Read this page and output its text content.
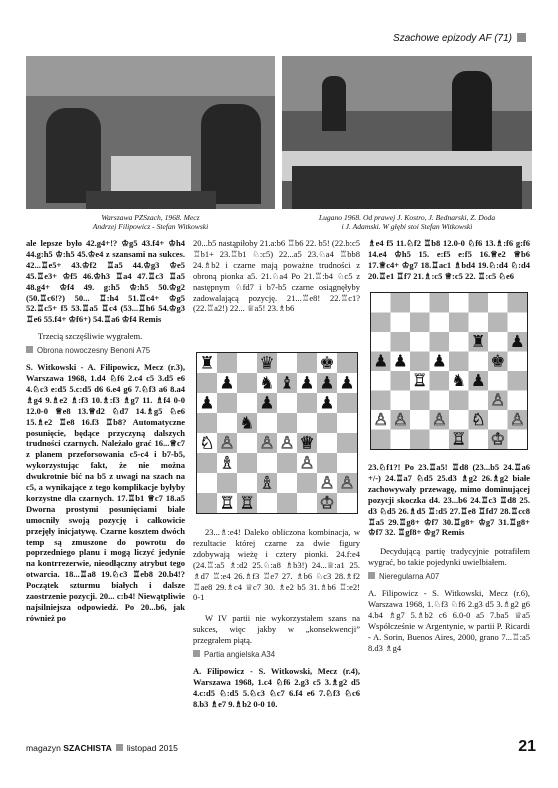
Szachowe epizody AF (71)
Warszawa PZSzach, 1968. Mecz
Andrzej Filipowicz - Stefan Witkowski
Lugano 1968. Od prawej J. Kostro, J. Bednarski, Z. Doda
i J. Adamski. W głębi stoi Stefan Witkowski

ale lepsze było 42.g4+!? ♔g5 43.f4+ ♔h4 44.g:h5 ♔:h5 45.♔e4 z szansami na sukces. 42...♖e5+ 43.♔f2 ♖a5 44.♔g3 ♔e5 45.♖e3+ ♔f5 46.♔h3 ♖a4 47.♖c3 ♖a5 48.g4+ ♔f4 49. g:h5 ♔:h5 50.♔g2 (50.♖c6!?) 50... ♖:h4 51.♖c4+ ♔g5 52.♖c5+ f5 53.♖a5 ♖c4 (53...♖h6 54.♔g3 ♖e6 55.f4+ ♔f6+) 54.♖a6 ♔f4 Remis

Trzecią szczęśliwie wygrałem.

Obrona nowoczesny Benoni A75

S. Witkowski - A. Filipowicz, Mecz (r.3), Warszawa 1968, 1.d4 ♘f6 2.c4 c5 3.d5 e6 4.♘c3 e:d5 5.c:d5 d6 6.e4 g6 7.♘f3 a6 8.a4 ♗g4 9.♗e2 ♗:f3 10.♗:f3 ♗g7 11. ♗f4 0-0 12.0-0 ♕e8 13.♕d2 ♘d7 14.♗g5 ♘e6 15.♗e2 ♖e8 16.f3 ♖b8? Automatyczne posunięcie, będące przyczyną dalszych trudności czarnych. Należało grać 16...♕c7 z planem przeforsowania c5-c4 i b7-b5, wykorzystując fakt, że nie można dwukrotnie bić na b5 z uwagi na szach na c5, a wynikające z tego komplikacje byłyby korzystne dla czarnych. 17.♖b1 ♕c7 18.a5 Dworna prostymi posunięciami białe umocniły swoją pozycję i całkowicie przejęły inicjatywę. Czarne kosztem dwóch temp są zmuszone do powrotu do poprzedniego planu i mogą liczyć jedynie na kontrrezerwie, nieodłączny atrybut tego otwarcia. 18...♖a8 19.♘c3 ♖eb8 20.b4!? Początek szturmu białych i dalsze zaostrzenie pozycji. 20... c:b4! Niewątpliwie najsilniejsza odpowiedź. Po 20...b6, jak również po

20...b5 nastąpiłoby 21.a:b6 ♖b6 22. b5! (22.b:c5 ♖b1+ 23.♖b1 ♘:c5) 22...a5 23.♘a4 ♖bb8 24.♗b2 i czarne mają poważne trudności z obroną pionka a5. 21.♘a4 Po 21.♖:b4 ♘c5 z następnym ♘fd7 i b7-b5 czarne osiągnęłyby zadowalającą pozycję. 21...♖e8! 22.♖c1? (22.♖a2!) 22... ♕a5! 23.♗b6

♜	♛	♚
♟ ♞ ♝ ♟ ♟ ♟
♟	♟	♟
♞
♘ ♙ ♙ ♙ ♕
♗	♙
♗	♙ ♙
♖ ♖	♔

23...♗:e4! Daleko obliczona kombinacja, w rezultacie której czarne za dwie figury zdobywają wieżę i cztery pionki. 24.f:e4 (24.♖:a5 ♗:d2 25.♘:a8 ♗b3!) 24...♕:a1 25. ♗d7 ♖:e4 26.♗f3 ♖e7 27. ♗b6 ♘c3 28.♗f2 ♖ae8 29.♗c4 ♕c7 30. ♗e2 b5 31.♗b6 ♖:e2! 0-1

W IV partii nie wykorzystałem szans na sukces, więc jakby w „konsekwencji” przegrałem piątą.

Partia angielska A34

A. Filipowicz - S. Witkowski, Mecz (r.4), Warszawa 1968, 1.c4 ♘f6 2.g3 c5 3.♗g2 d5 4.c:d5 ♘:d5 5.♘c3 ♘c7 6.f4 e6 7.♘f3 ♘c6 8.b3 ♗e7 9.♗b2 0-0 10.

♗e4 f5 11.♘f2 ♖b8 12.0-0 ♘f6 13.♗:f6 g:f6 14.e4 ♔h5 15. e:f5 e:f5 16.♕e2 ♕b6 17.♕c4+ ♔g7 18.♖ac1 ♗bd4 19.♘:d4 ♘:d4 20.♖e1 ♖f7 21.♗:c5 ♕:c5 22. ♖:c5 ♘e6

♜ ♟
♟ ♟ ♟	♚
♖ ♞ ♟
♙
♙ ♙ ♙ ♘ ♙
♖ ♔

23.♘f1?! Po 23.♖a5! ♖d8 (23...b5 24.♖a6 +/-) 24.♖a7 ♘d5 25.d3 ♗g2 26.♗g2 białe zachowywały przewagę, mimo dominującej pozycji skoczka d4. 23...b6 24.♖c3 ♖d8 25. d3 ♘d5 26.♗d5 ♖:d5 27.♖e8 ♖fd7 28.♖cc8 ♖a5 29.♖g8+ ♔f7 30.♖g8+ ♔g7 31.♖g8+ ♔f7 32. ♖gf8+ ♔g7 Remis

Decydującą partię tradycyjnie potrafiłem wygrać, bo takie pojedynki uwielbiałem.

Nieregularna A07

A. Filipowicz - S. Witkowski, Mecz (r.6), Warszawa 1968, 1.♘f3 ♘f6 2.g3 d5 3.♗g2 g6 4.b4 ♗g7 5.♗b2 c6 6.0-0 a5 7.ba5 ♕a5 Współcześnie w Argentynie, w partii P. Ricardi - A. Sorin, Buenos Aires, 2000, grano 7...♖:a5 8.d3 ♗g4

magazyn SZACHISTA listopad 2015	21
